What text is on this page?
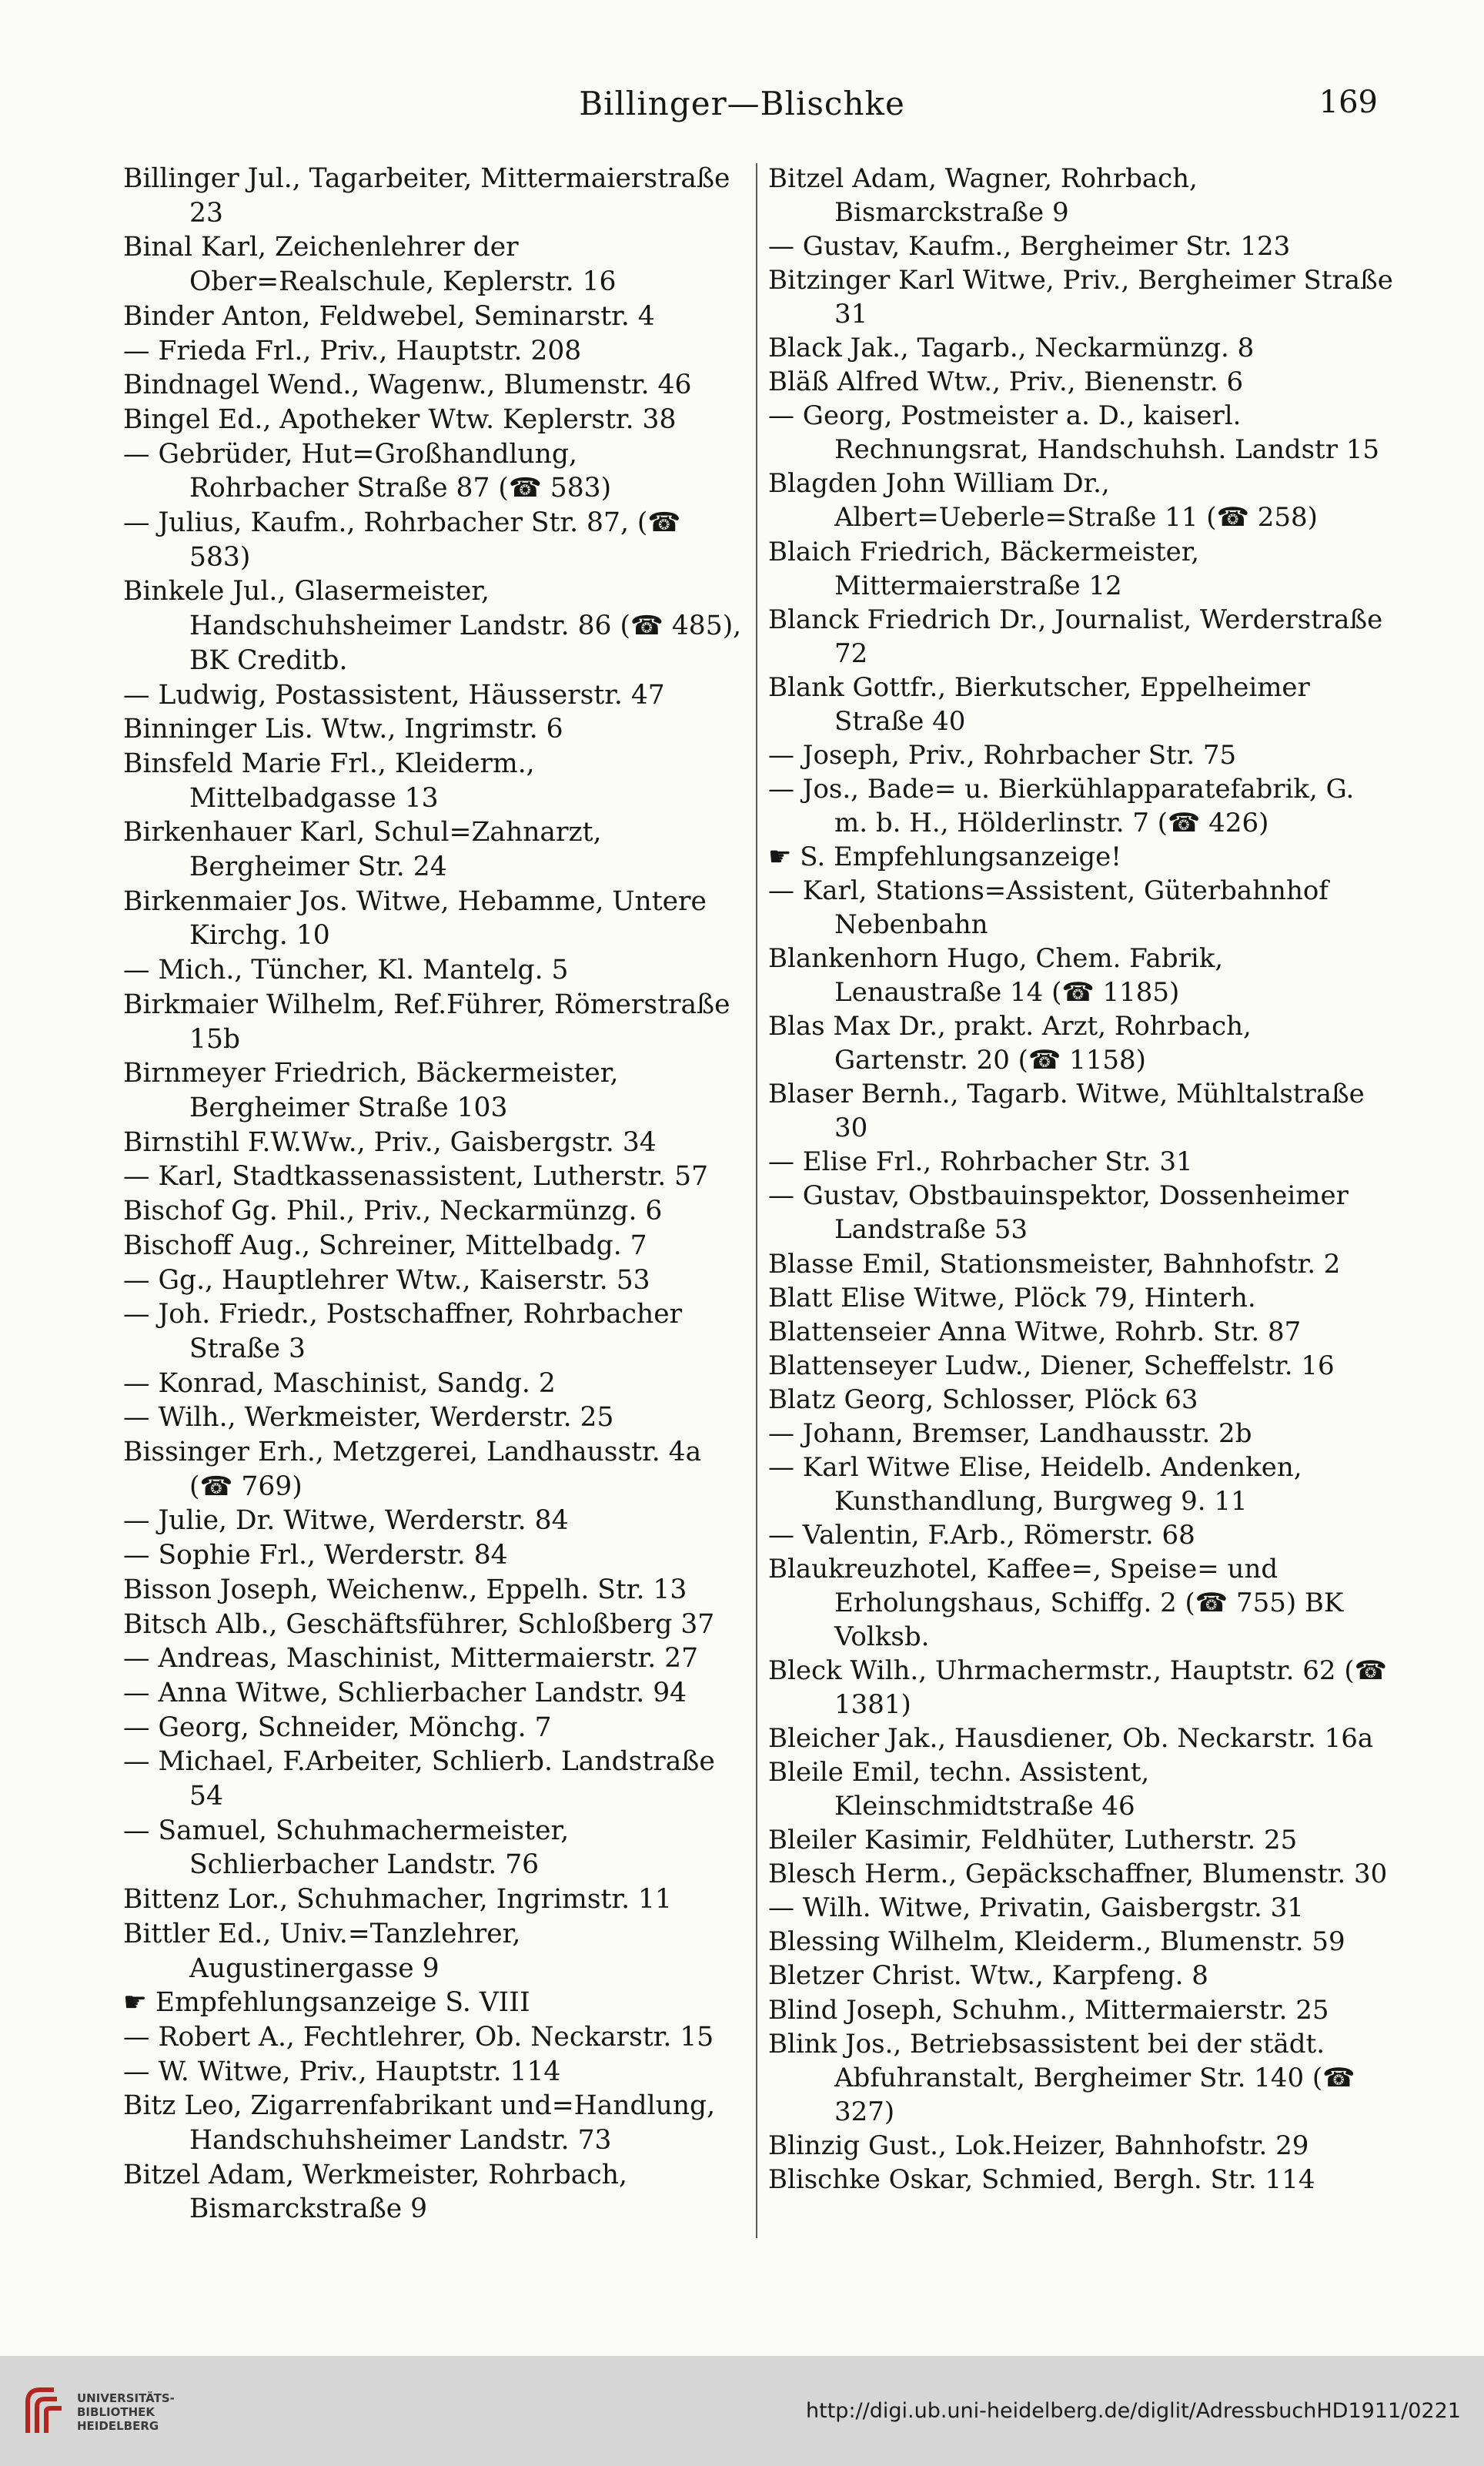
Billinger—Blischke	169

Billinger Jul., Tagarbeiter, Mittermaierstraße 23

Binal Karl, Zeichenlehrer der Ober=Realschule, Keplerstr. 16

Binder Anton, Feldwebel, Seminarstr. 4

— Frieda Frl., Priv., Hauptstr. 208

Bindnagel Wend., Wagenw., Blumenstr. 46

Bingel Ed., Apotheker Wtw. Keplerstr. 38

— Gebrüder, Hut=Großhandlung, Rohrbacher Straße 87 (☎ 583)

— Julius, Kaufm., Rohrbacher Str. 87, (☎ 583)

Binkele Jul., Glasermeister, Handschuhsheimer Landstr. 86 (☎ 485), BK Creditb.

— Ludwig, Postassistent, Häusserstr. 47

Binninger Lis. Wtw., Ingrimstr. 6

Binsfeld Marie Frl., Kleiderm., Mittelbadgasse 13

Birkenhauer Karl, Schul=Zahnarzt, Bergheimer Str. 24

Birkenmaier Jos. Witwe, Hebamme, Untere Kirchg. 10

— Mich., Tüncher, Kl. Mantelg. 5

Birkmaier Wilhelm, Ref.Führer, Römerstraße 15b

Birnmeyer Friedrich, Bäckermeister, Bergheimer Straße 103

Birnstihl F.W.Ww., Priv., Gaisbergstr. 34

— Karl, Stadtkassenassistent, Lutherstr. 57

Bischof Gg. Phil., Priv., Neckarmünzg. 6

Bischoff Aug., Schreiner, Mittelbadg. 7

— Gg., Hauptlehrer Wtw., Kaiserstr. 53

— Joh. Friedr., Postschaffner, Rohrbacher Straße 3

— Konrad, Maschinist, Sandg. 2

— Wilh., Werkmeister, Werderstr. 25

Bissinger Erh., Metzgerei, Landhausstr. 4a (☎ 769)

— Julie, Dr. Witwe, Werderstr. 84

— Sophie Frl., Werderstr. 84

Bisson Joseph, Weichenw., Eppelh. Str. 13

Bitsch Alb., Geschäftsführer, Schloßberg 37

— Andreas, Maschinist, Mittermaierstr. 27

— Anna Witwe, Schlierbacher Landstr. 94

— Georg, Schneider, Mönchg. 7

— Michael, F.Arbeiter, Schlierb. Landstraße 54

— Samuel, Schuhmachermeister, Schlierbacher Landstr. 76

Bittenz Lor., Schuhmacher, Ingrimstr. 11

Bittler Ed., Univ.=Tanzlehrer, Augustinergasse 9

☛ Empfehlungsanzeige S. VIII

— Robert A., Fechtlehrer, Ob. Neckarstr. 15

— W. Witwe, Priv., Hauptstr. 114

Bitz Leo, Zigarrenfabrikant und=Handlung, Handschuhsheimer Landstr. 73

Bitzel Adam, Werkmeister, Rohrbach, Bismarckstraße 9

Bitzel Adam, Wagner, Rohrbach, Bismarckstraße 9

— Gustav, Kaufm., Bergheimer Str. 123

Bitzinger Karl Witwe, Priv., Bergheimer Straße 31

Black Jak., Tagarb., Neckarmünzg. 8

Bläß Alfred Wtw., Priv., Bienenstr. 6

— Georg, Postmeister a. D., kaiserl. Rechnungsrat, Handschuhsh. Landstr 15

Blagden John William Dr., Albert=Ueberle=Straße 11 (☎ 258)

Blaich Friedrich, Bäckermeister, Mittermaierstraße 12

Blanck Friedrich Dr., Journalist, Werderstraße 72

Blank Gottfr., Bierkutscher, Eppelheimer Straße 40

— Joseph, Priv., Rohrbacher Str. 75

— Jos., Bade= u. Bierkühlapparatefabrik, G. m. b. H., Hölderlinstr. 7 (☎ 426)

☛ S. Empfehlungsanzeige!

— Karl, Stations=Assistent, Güterbahnhof Nebenbahn

Blankenhorn Hugo, Chem. Fabrik, Lenaustraße 14 (☎ 1185)

Blas Max Dr., prakt. Arzt, Rohrbach, Gartenstr. 20 (☎ 1158)

Blaser Bernh., Tagarb. Witwe, Mühltalstraße 30

— Elise Frl., Rohrbacher Str. 31

— Gustav, Obstbauinspektor, Dossenheimer Landstraße 53

Blasse Emil, Stationsmeister, Bahnhofstr. 2

Blatt Elise Witwe, Plöck 79, Hinterh.

Blattenseier Anna Witwe, Rohrb. Str. 87

Blattenseyer Ludw., Diener, Scheffelstr. 16

Blatz Georg, Schlosser, Plöck 63

— Johann, Bremser, Landhausstr. 2b

— Karl Witwe Elise, Heidelb. Andenken, Kunsthandlung, Burgweg 9. 11

— Valentin, F.Arb., Römerstr. 68

Blaukreuzhotel, Kaffee=, Speise= und Erholungshaus, Schiffg. 2 (☎ 755) BK Volksb.

Bleck Wilh., Uhrmachermstr., Hauptstr. 62 (☎ 1381)

Bleicher Jak., Hausdiener, Ob. Neckarstr. 16a

Bleile Emil, techn. Assistent, Kleinschmidtstraße 46

Bleiler Kasimir, Feldhüter, Lutherstr. 25

Blesch Herm., Gepäckschaffner, Blumenstr. 30

— Wilh. Witwe, Privatin, Gaisbergstr. 31

Blessing Wilhelm, Kleiderm., Blumenstr. 59

Bletzer Christ. Wtw., Karpfeng. 8

Blind Joseph, Schuhm., Mittermaierstr. 25

Blink Jos., Betriebsassistent bei der städt. Abfuhranstalt, Bergheimer Str. 140 (☎ 327)

Blinzig Gust., Lok.Heizer, Bahnhofstr. 29

Blischke Oskar, Schmied, Bergh. Str. 114

UNIVERSITÄTS-
BIBLIOTHEK
HEIDELBERG
http://digi.ub.uni-heidelberg.de/diglit/AdressbuchHD1911/0221
